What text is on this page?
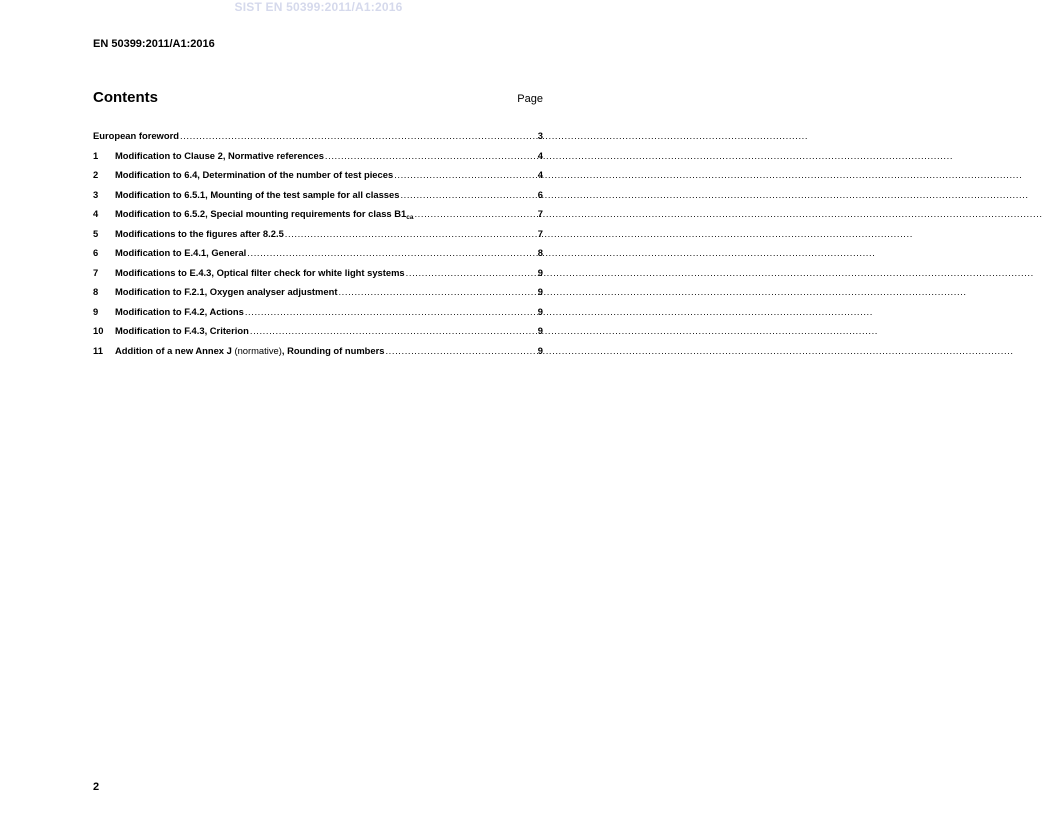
SIST EN 50399:2011/A1:2016
EN 50399:2011/A1:2016
Contents	Page
European foreword .....	3
1	Modification to Clause 2, Normative references .....	4
2	Modification to 6.4, Determination of the number of test pieces .....	4
3	Modification to 6.5.1, Mounting of the test sample for all classes .....	6
4	Modification to 6.5.2, Special mounting requirements for class $B1_{ca}$ .....	7
5	Modifications to the figures after 8.2.5 .....	7
6	Modification to E.4.1, General .....	8
7	Modifications to E.4.3, Optical filter check for white light systems .....	9
8	Modification to F.2.1, Oxygen analyser adjustment .....	9
9	Modification to F.4.2, Actions .....	9
10	Modification to F.4.3, Criterion .....	9
11	Addition of a new Annex J (normative), Rounding of numbers .....	9
2
